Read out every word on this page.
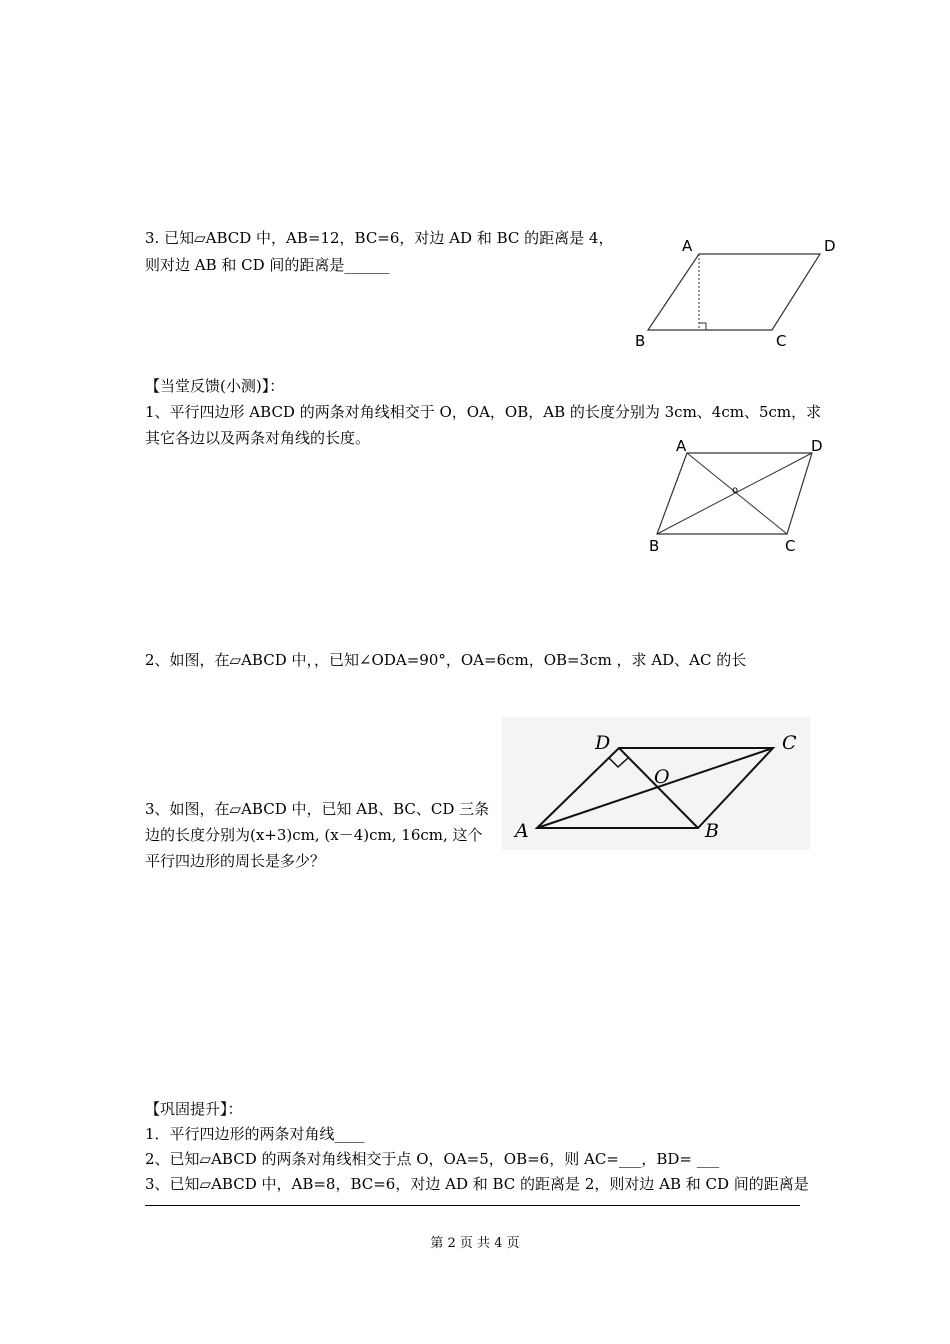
3. 已知▱ABCD 中，AB=12，BC=6，对边 AD 和 BC 的距离是 4，
则对边 AB 和 CD 间的距离是______
A	D
B	C
【当堂反馈(小测)】：
1、平行四边形 ABCD 的两条对角线相交于 O，OA，OB，AB 的长度分别为 3cm、4cm、5cm，求
其它各边以及两条对角线的长度。	A	D
B	C
o
2、如图，在▱ABCD 中，，已知∠ODA=90°，OA=6cm，OB=3cm ，求 AD、AC 的长
D	C
O
A	B
3、如图，在▱ABCD 中，已知 AB、BC、CD 三条
边的长度分别为(x+3)cm, (x－4)cm, 16cm, 这个
平行四边形的周长是多少？
【巩固提升】：
1．平行四边形的两条对角线____
2、已知▱ABCD 的两条对角线相交于点 O，OA=5，OB=6，则 AC=___，BD= ___
3、已知▱ABCD 中，AB=8，BC=6，对边 AD 和 BC 的距离是 2，则对边 AB 和 CD 间的距离是
第 2 页 共 4 页
